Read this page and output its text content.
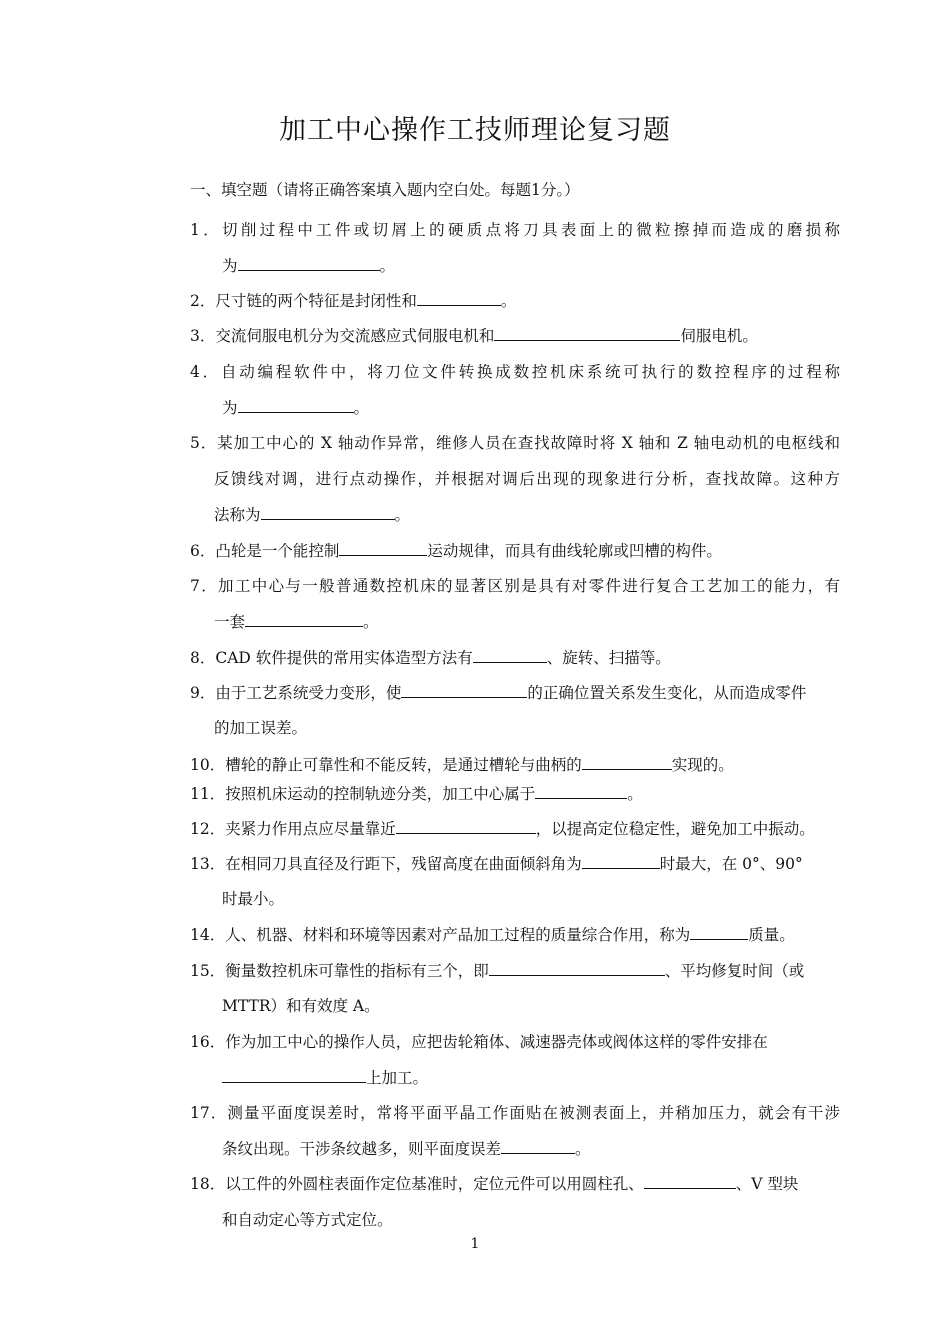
加工中心操作工技师理论复习题
一、填空题（请将正确答案填入题内空白处。每题1分。）
1．切削过程中工件或切屑上的硬质点将刀具表面上的微粒擦掉而造成的磨损称
为	。
2．尺寸链的两个特征是封闭性和	。
3．交流伺服电机分为交流感应式伺服电机和	伺服电机。
4．自动编程软件中，将刀位文件转换成数控机床系统可执行的数控程序的过程称
为	。
5．某加工中心的 X 轴动作异常，维修人员在查找故障时将 X 轴和 Z 轴电动机的电枢线和
反馈线对调，进行点动操作，并根据对调后出现的现象进行分析，查找故障。这种方
法称为	。
6．凸轮是一个能控制	运动规律，而具有曲线轮廓或凹槽的构件。
7．加工中心与一般普通数控机床的显著区别是具有对零件进行复合工艺加工的能力，有
一套	。
8．CAD 软件提供的常用实体造型方法有	、旋转、扫描等。
9．由于工艺系统受力变形，使	的正确位置关系发生变化，从而造成零件
的加工误差。
10．槽轮的静止可靠性和不能反转，是通过槽轮与曲柄的	实现的。
11．按照机床运动的控制轨迹分类，加工中心属于	。
12．夹紧力作用点应尽量靠近	，以提高定位稳定性，避免加工中振动。
13．在相同刀具直径及行距下，残留高度在曲面倾斜角为	时最大，在 0°、90°
时最小。
14．人、机器、材料和环境等因素对产品加工过程的质量综合作用，称为	质量。
15．衡量数控机床可靠性的指标有三个，即	、平均修复时间（或
MTTR）和有效度 A。
16．作为加工中心的操作人员，应把齿轮箱体、减速器壳体或阀体这样的零件安排在
上加工。
17．测量平面度误差时，常将平面平晶工作面贴在被测表面上，并稍加压力，就会有干涉
条纹出现。干涉条纹越多，则平面度误差	。
18．以工件的外圆柱表面作定位基准时，定位元件可以用圆柱孔、	、V 型块
和自动定心等方式定位。
1
